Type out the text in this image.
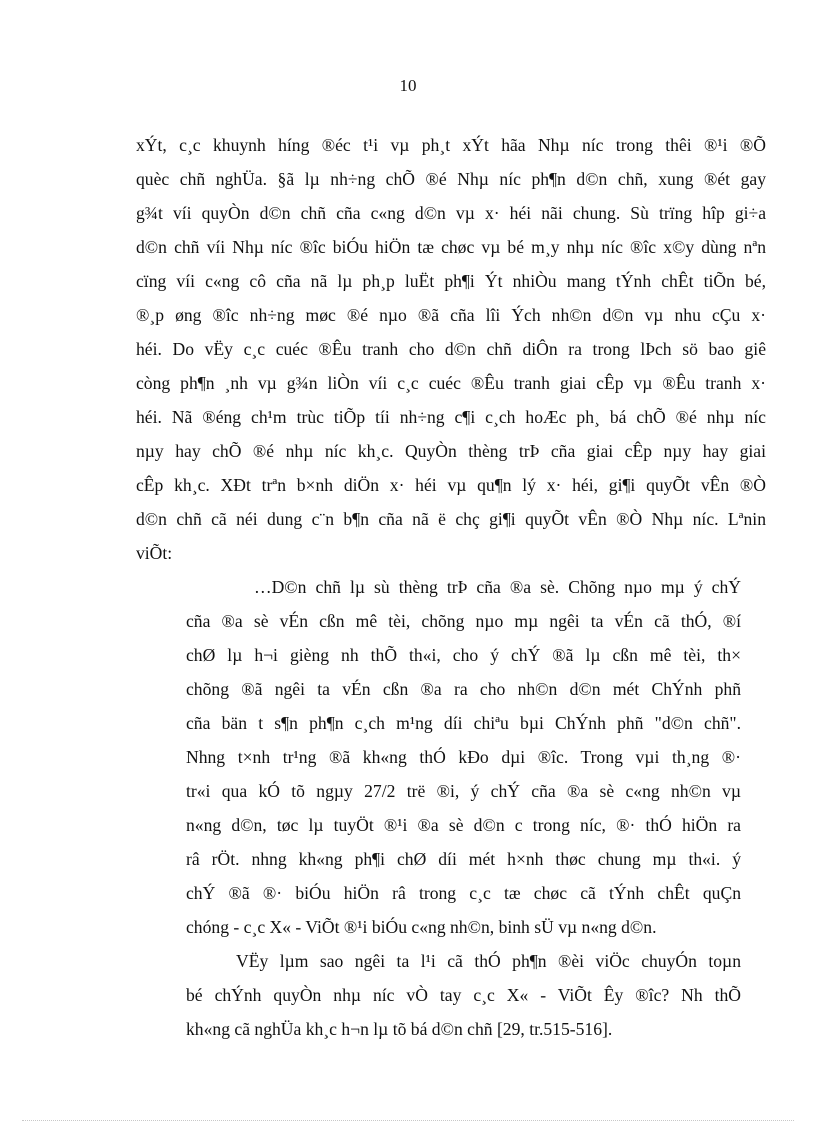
10
xÝt, c¸c khuynh híng ®éc t¹i vµ ph¸t xÝt hãa Nhµ níc trong thêi ®¹i ®Õ
quèc chñ nghÜa. §ã lµ nh÷ng chÕ ®é Nhµ níc ph¶n d©n chñ, xung ®ét gay
g¾t víi quyÒn d©n chñ cña c«ng d©n vµ x· héi nãi chung. Sù trïng hîp gi÷a
d©n chñ víi Nhµ níc ®îc biÓu hiÖn tæ chøc vµ bé m¸y nhµ níc ®îc x©y dùng nªn
cïng víi c«ng cô cña nã lµ ph¸p luËt ph¶i Ýt nhiÒu mang tÝnh chÊt tiÕn bé,
®¸p øng ®îc nh÷ng møc ®é nµo ®ã cña lîi Ých nh©n d©n vµ nhu cÇu x·
héi. Do vËy c¸c cuéc ®Êu tranh cho d©n chñ diÔn ra trong lÞch sö bao giê
còng ph¶n ¸nh vµ g¾n liÒn víi c¸c cuéc ®Êu tranh giai cÊp vµ ®Êu tranh x·
héi. Nã ®éng ch¹m trùc tiÕp tíi nh÷ng c¶i c¸ch hoÆc ph¸ bá chÕ ®é nhµ níc
nµy hay chÕ ®é nhµ níc kh¸c. QuyÒn thèng trÞ cña giai cÊp nµy hay giai
cÊp kh¸c. XÐt trªn b×nh diÖn x· héi vµ qu¶n lý x· héi, gi¶i quyÕt vÊn ®Ò
d©n chñ cã néi dung c¨n b¶n cña nã ë chç gi¶i quyÕt vÊn ®Ò Nhµ níc. Lªnin
viÕt:
…D©n chñ lµ sù thèng trÞ cña ®a sè. Chõng nµo mµ ý chÝ
cña ®a sè vÉn cßn mê tèi, chõng nµo mµ ngêi ta vÉn cã thÓ, ®í
chØ lµ h¬i gièng nh thÕ th«i, cho ý chÝ ®ã lµ cßn mê tèi, th×
chõng ®ã ngêi ta vÉn cßn ®a ra cho nh©n d©n mét ChÝnh phñ
cña bän t s¶n ph¶n c¸ch m¹ng díi chiªu bµi ChÝnh phñ "d©n chñ".
Nhng t×nh tr¹ng ®ã kh«ng thÓ kÐo dµi ®îc. Trong vµi th¸ng ®·
tr«i qua kÓ tõ ngµy 27/2 trë ®i, ý chÝ cña ®a sè c«ng nh©n vµ
n«ng d©n, tøc lµ tuyÖt ®¹i ®a sè d©n c trong níc, ®· thÓ hiÖn ra
râ rÖt. nhng kh«ng ph¶i chØ díi mét h×nh thøc chung mµ th«i. ý
chÝ ®ã ®· biÓu hiÖn râ trong c¸c tæ chøc cã tÝnh chÊt quÇn
chóng - c¸c X« - ViÕt ®¹i biÓu c«ng nh©n, binh sÜ vµ n«ng d©n.
VËy lµm sao ngêi ta l¹i cã thÓ ph¶n ®èi viÖc chuyÓn toµn
bé chÝnh quyÒn nhµ níc vÒ tay c¸c X« - ViÕt Êy ®îc? Nh thÕ
kh«ng cã nghÜa kh¸c h¬n lµ tõ bá d©n chñ [29, tr.515-516].
